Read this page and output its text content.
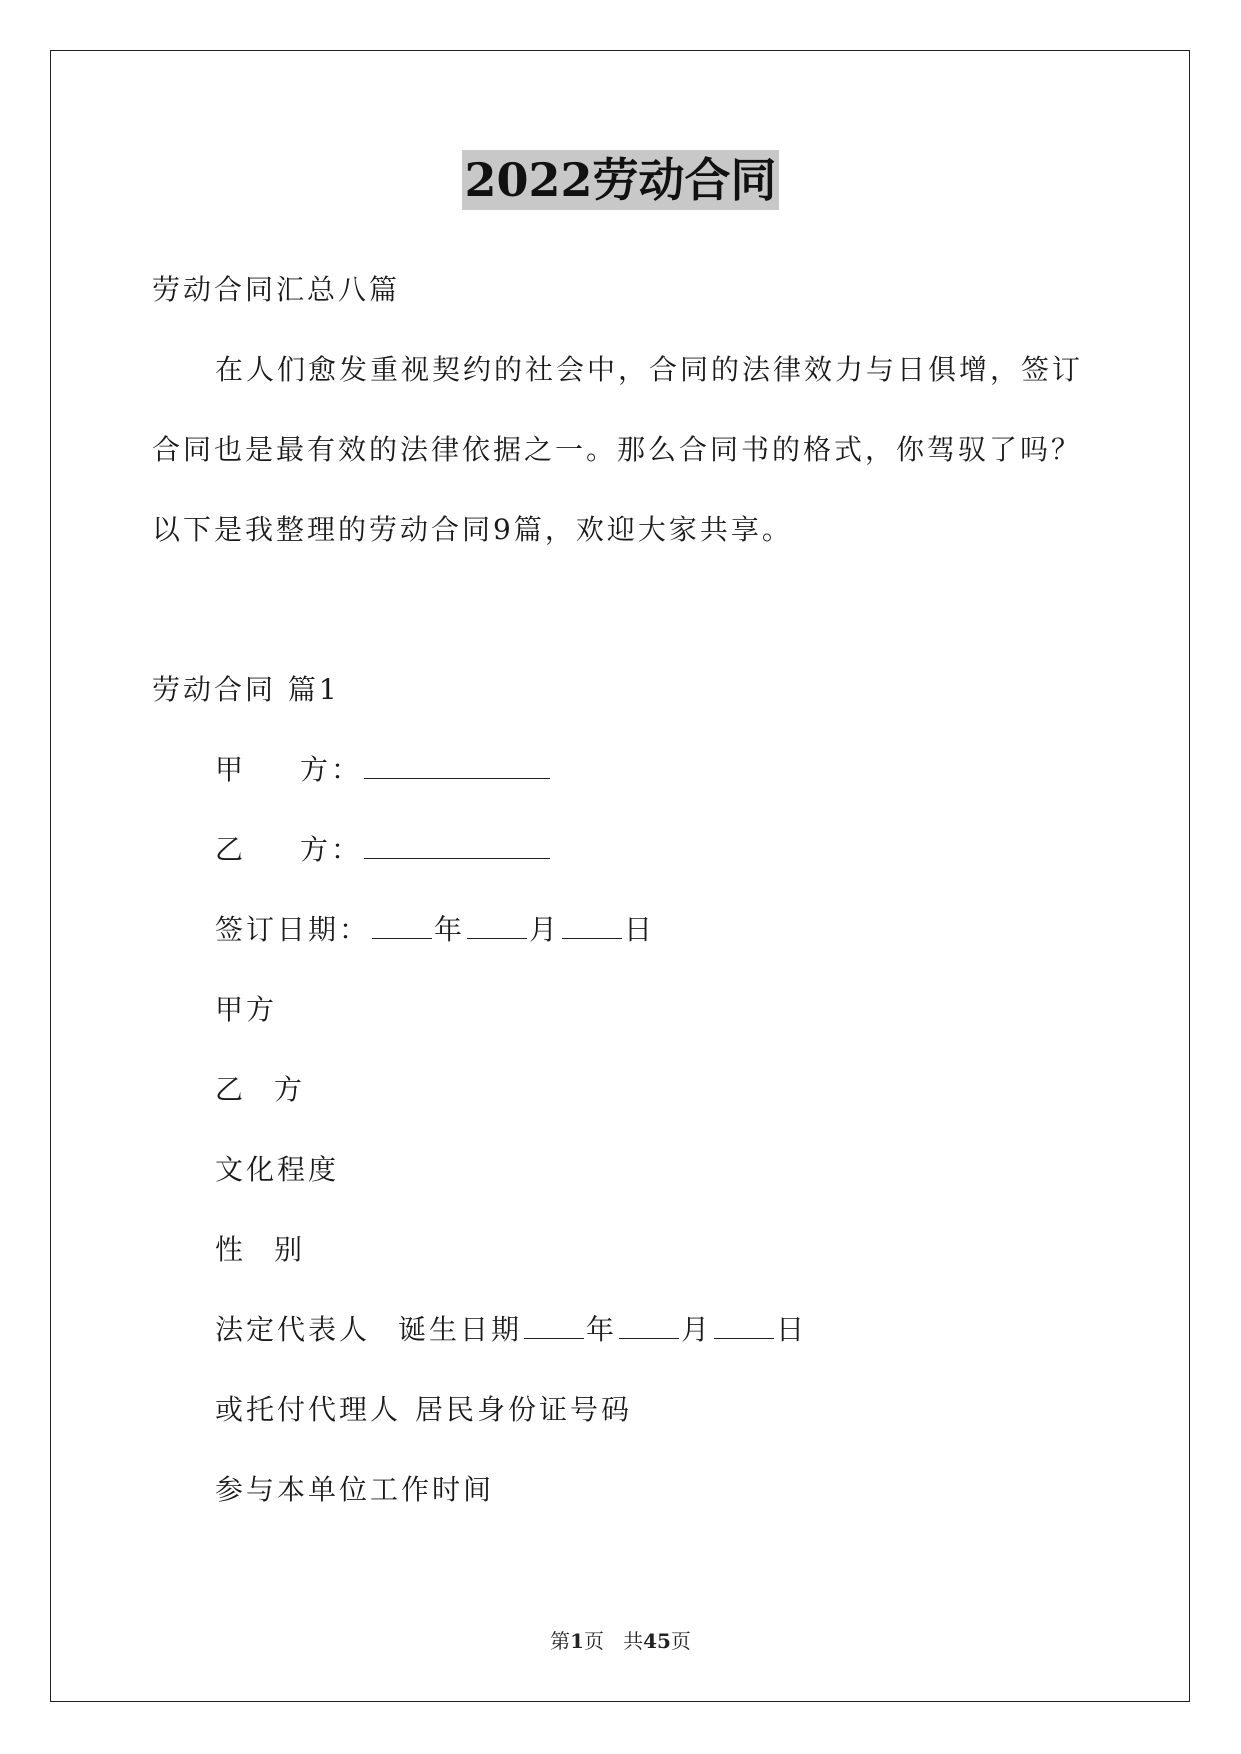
2022劳动合同
劳动合同汇总八篇
在人们愈发重视契约的社会中，合同的法律效力与日俱增，签订
合同也是最有效的法律依据之一。那么合同书的格式，你驾驭了吗？
以下是我整理的劳动合同9篇，欢迎大家共享。
劳动合同 篇1
甲 方：
乙 方：
签订日期： 年 月 日
甲方
乙 方
文化程度
性 别
法定代表人 诞生日期 年 月 日
或托付代理人 居民身份证号码
参与本单位工作时间
第1页 共45页
